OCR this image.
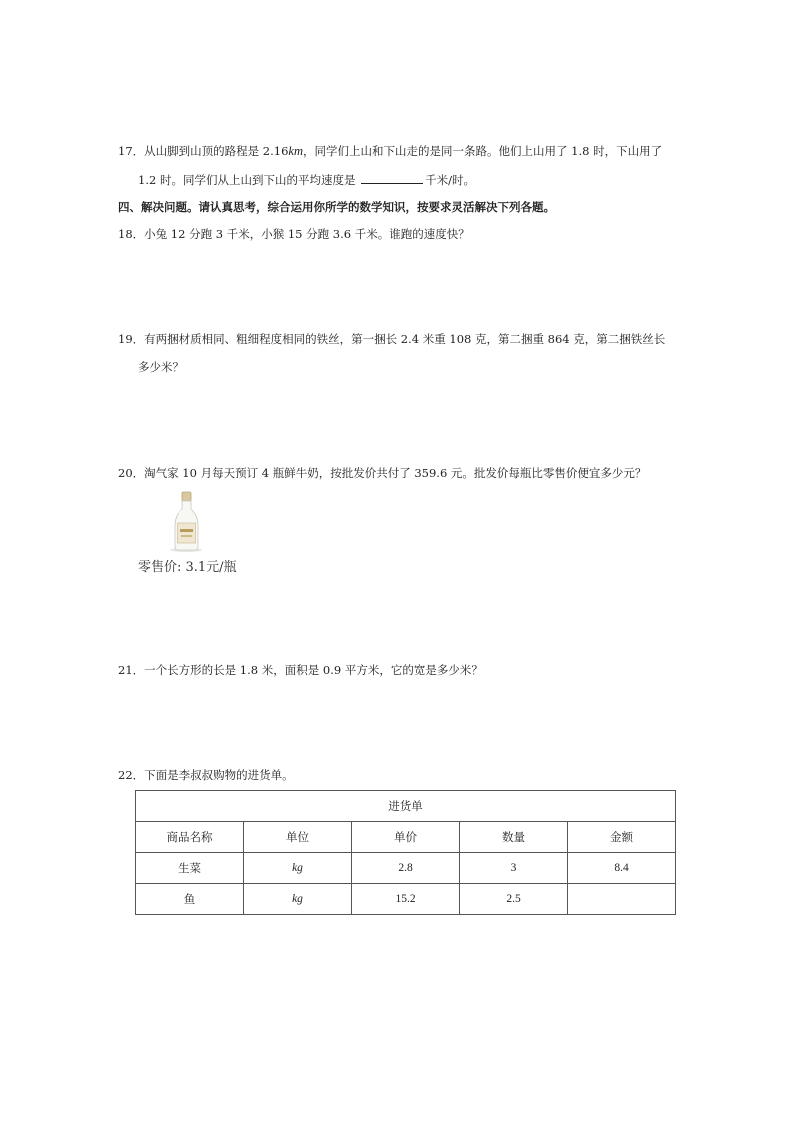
17．从山脚到山顶的路程是 2.16km，同学们上山和下山走的是同一条路。他们上山用了 1.8 时，下山用了
1.2 时。同学们从上山到下山的平均速度是	千米/时。
四、解决问题。请认真思考，综合运用你所学的数学知识，按要求灵活解决下列各题。
18．小兔 12 分跑 3 千米，小猴 15 分跑 3.6 千米。谁跑的速度快？
19．有两捆材质相同、粗细程度相同的铁丝，第一捆长 2.4 米重 108 克，第二捆重 864 克，第二捆铁丝长
多少米？
20．淘气家 10 月每天预订 4 瓶鲜牛奶，按批发价共付了 359.6 元。批发价每瓶比零售价便宜多少元？
零售价: 3.1元/瓶
21．一个长方形的长是 1.8 米，面积是 0.9 平方米，它的宽是多少米？
22．下面是李叔叔购物的进货单。
进货单				
商品名称	单位	单价	数量	金额
生菜	kg	2.8	3	8.4
鱼	kg	15.2	2.5	
